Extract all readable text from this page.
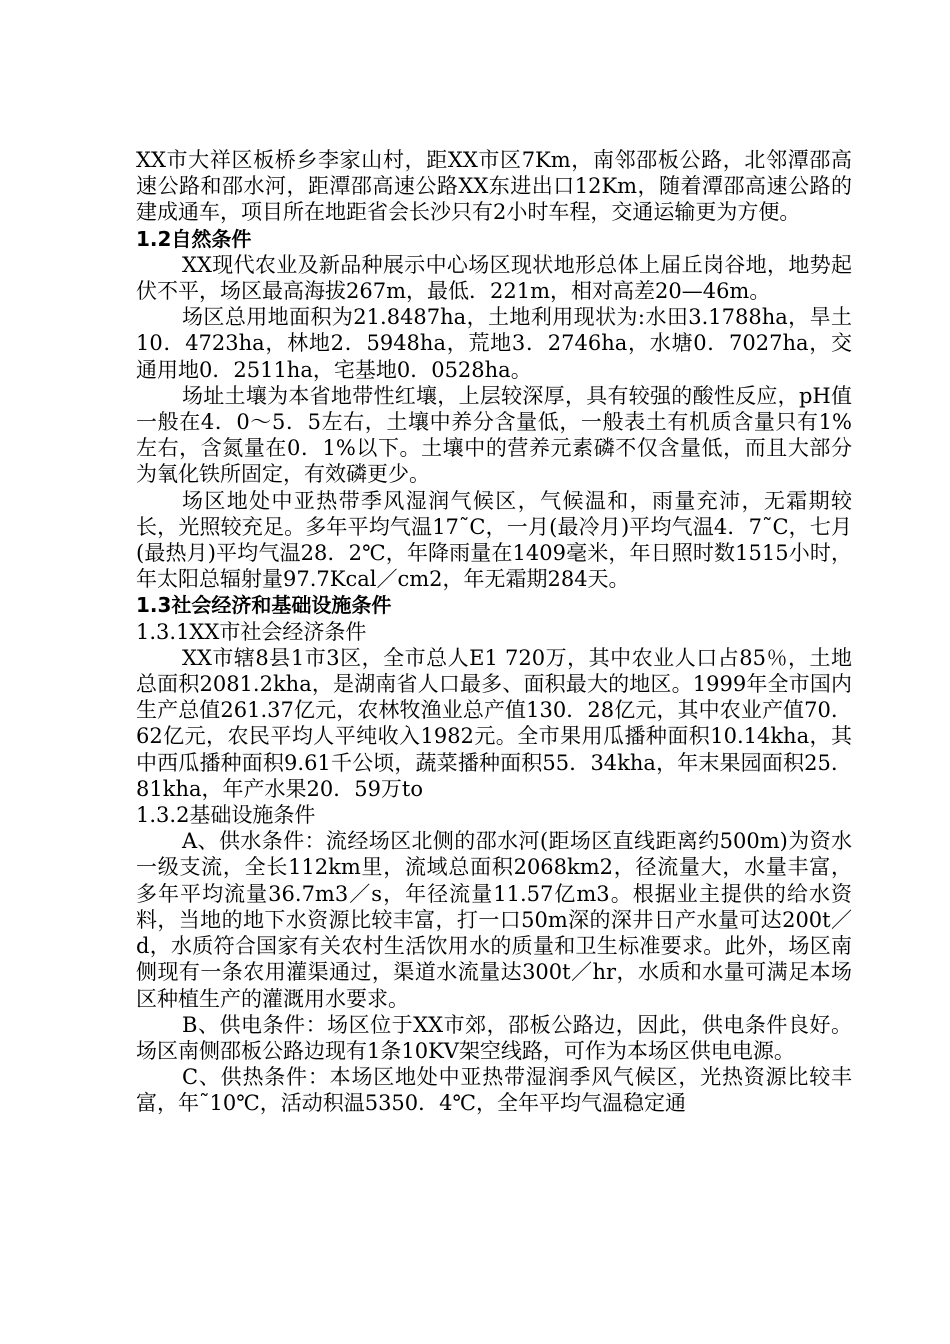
XX市大祥区板桥乡李家山村，距XX市区7Km，南邻邵板公路，北邻潭邵高速公路和邵水河，距潭邵高速公路XX东进出口12Km，随着潭邵高速公路的建成通车，项目所在地距省会长沙只有2小时车程，交通运输更为方便。

1.2自然条件

XX现代农业及新品种展示中心场区现状地形总体上届丘岗谷地，地势起伏不平，场区最高海拔267m，最低．221m，相对高差20—46m。

场区总用地面积为21.8487ha，土地利用现状为:水田3.1788ha，旱土10．4723ha，林地2．5948ha，荒地3．2746ha，水塘0．7027ha，交通用地0．2511ha，宅基地0．0528ha。

场址土壤为本省地带性红壤，上层较深厚，具有较强的酸性反应，pH值一般在4．0～5．5左右，土壤中养分含量低，一般表土有机质含量只有1%左右，含氮量在0．1%以下。土壤中的营养元素磷不仅含量低，而且大部分为氧化铁所固定，有效磷更少。

场区地处中亚热带季风湿润气候区，气候温和，雨量充沛，无霜期较长，光照较充足。多年平均气温17˜C，一月(最冷月)平均气温4．7˜C，七月(最热月)平均气温28．2℃，年降雨量在1409毫米，年日照时数1515小时，年太阳总辐射量97.7Kcal／cm2，年无霜期284天。

1.3社会经济和基础设施条件

1.3.1XX市社会经济条件

XX市辖8县1市3区，全市总人E1 720万，其中农业人口占85％，土地总面积2081.2kha，是湖南省人口最多、面积最大的地区。1999年全市国内生产总值261.37亿元，农林牧渔业总产值130．28亿元，其中农业产值70．62亿元，农民平均人平纯收入1982元。全市果用瓜播种面积10.14kha，其中西瓜播种面积9.61千公顷，蔬菜播种面积55．34kha，年末果园面积25．81kha，年产水果20．59万to

1.3.2基础设施条件

A、供水条件：流经场区北侧的邵水河(距场区直线距离约500m)为资水一级支流，全长112km里，流域总面积2068km2，径流量大，水量丰富，多年平均流量36.7m3／s，年径流量11.57亿m3。根据业主提供的给水资料，当地的地下水资源比较丰富，打一口50m深的深井日产水量可达200t／d，水质符合国家有关农村生活饮用水的质量和卫生标准要求。此外，场区南侧现有一条农用灌渠通过，渠道水流量达300t／hr，水质和水量可满足本场区种植生产的灌溉用水要求。

B、供电条件：场区位于XX市郊，邵板公路边，因此，供电条件良好。场区南侧邵板公路边现有1条10KV架空线路，可作为本场区供电电源。

C、供热条件：本场区地处中亚热带湿润季风气候区，光热资源比较丰富，年˜10℃，活动积温5350．4℃，全年平均气温稳定通
